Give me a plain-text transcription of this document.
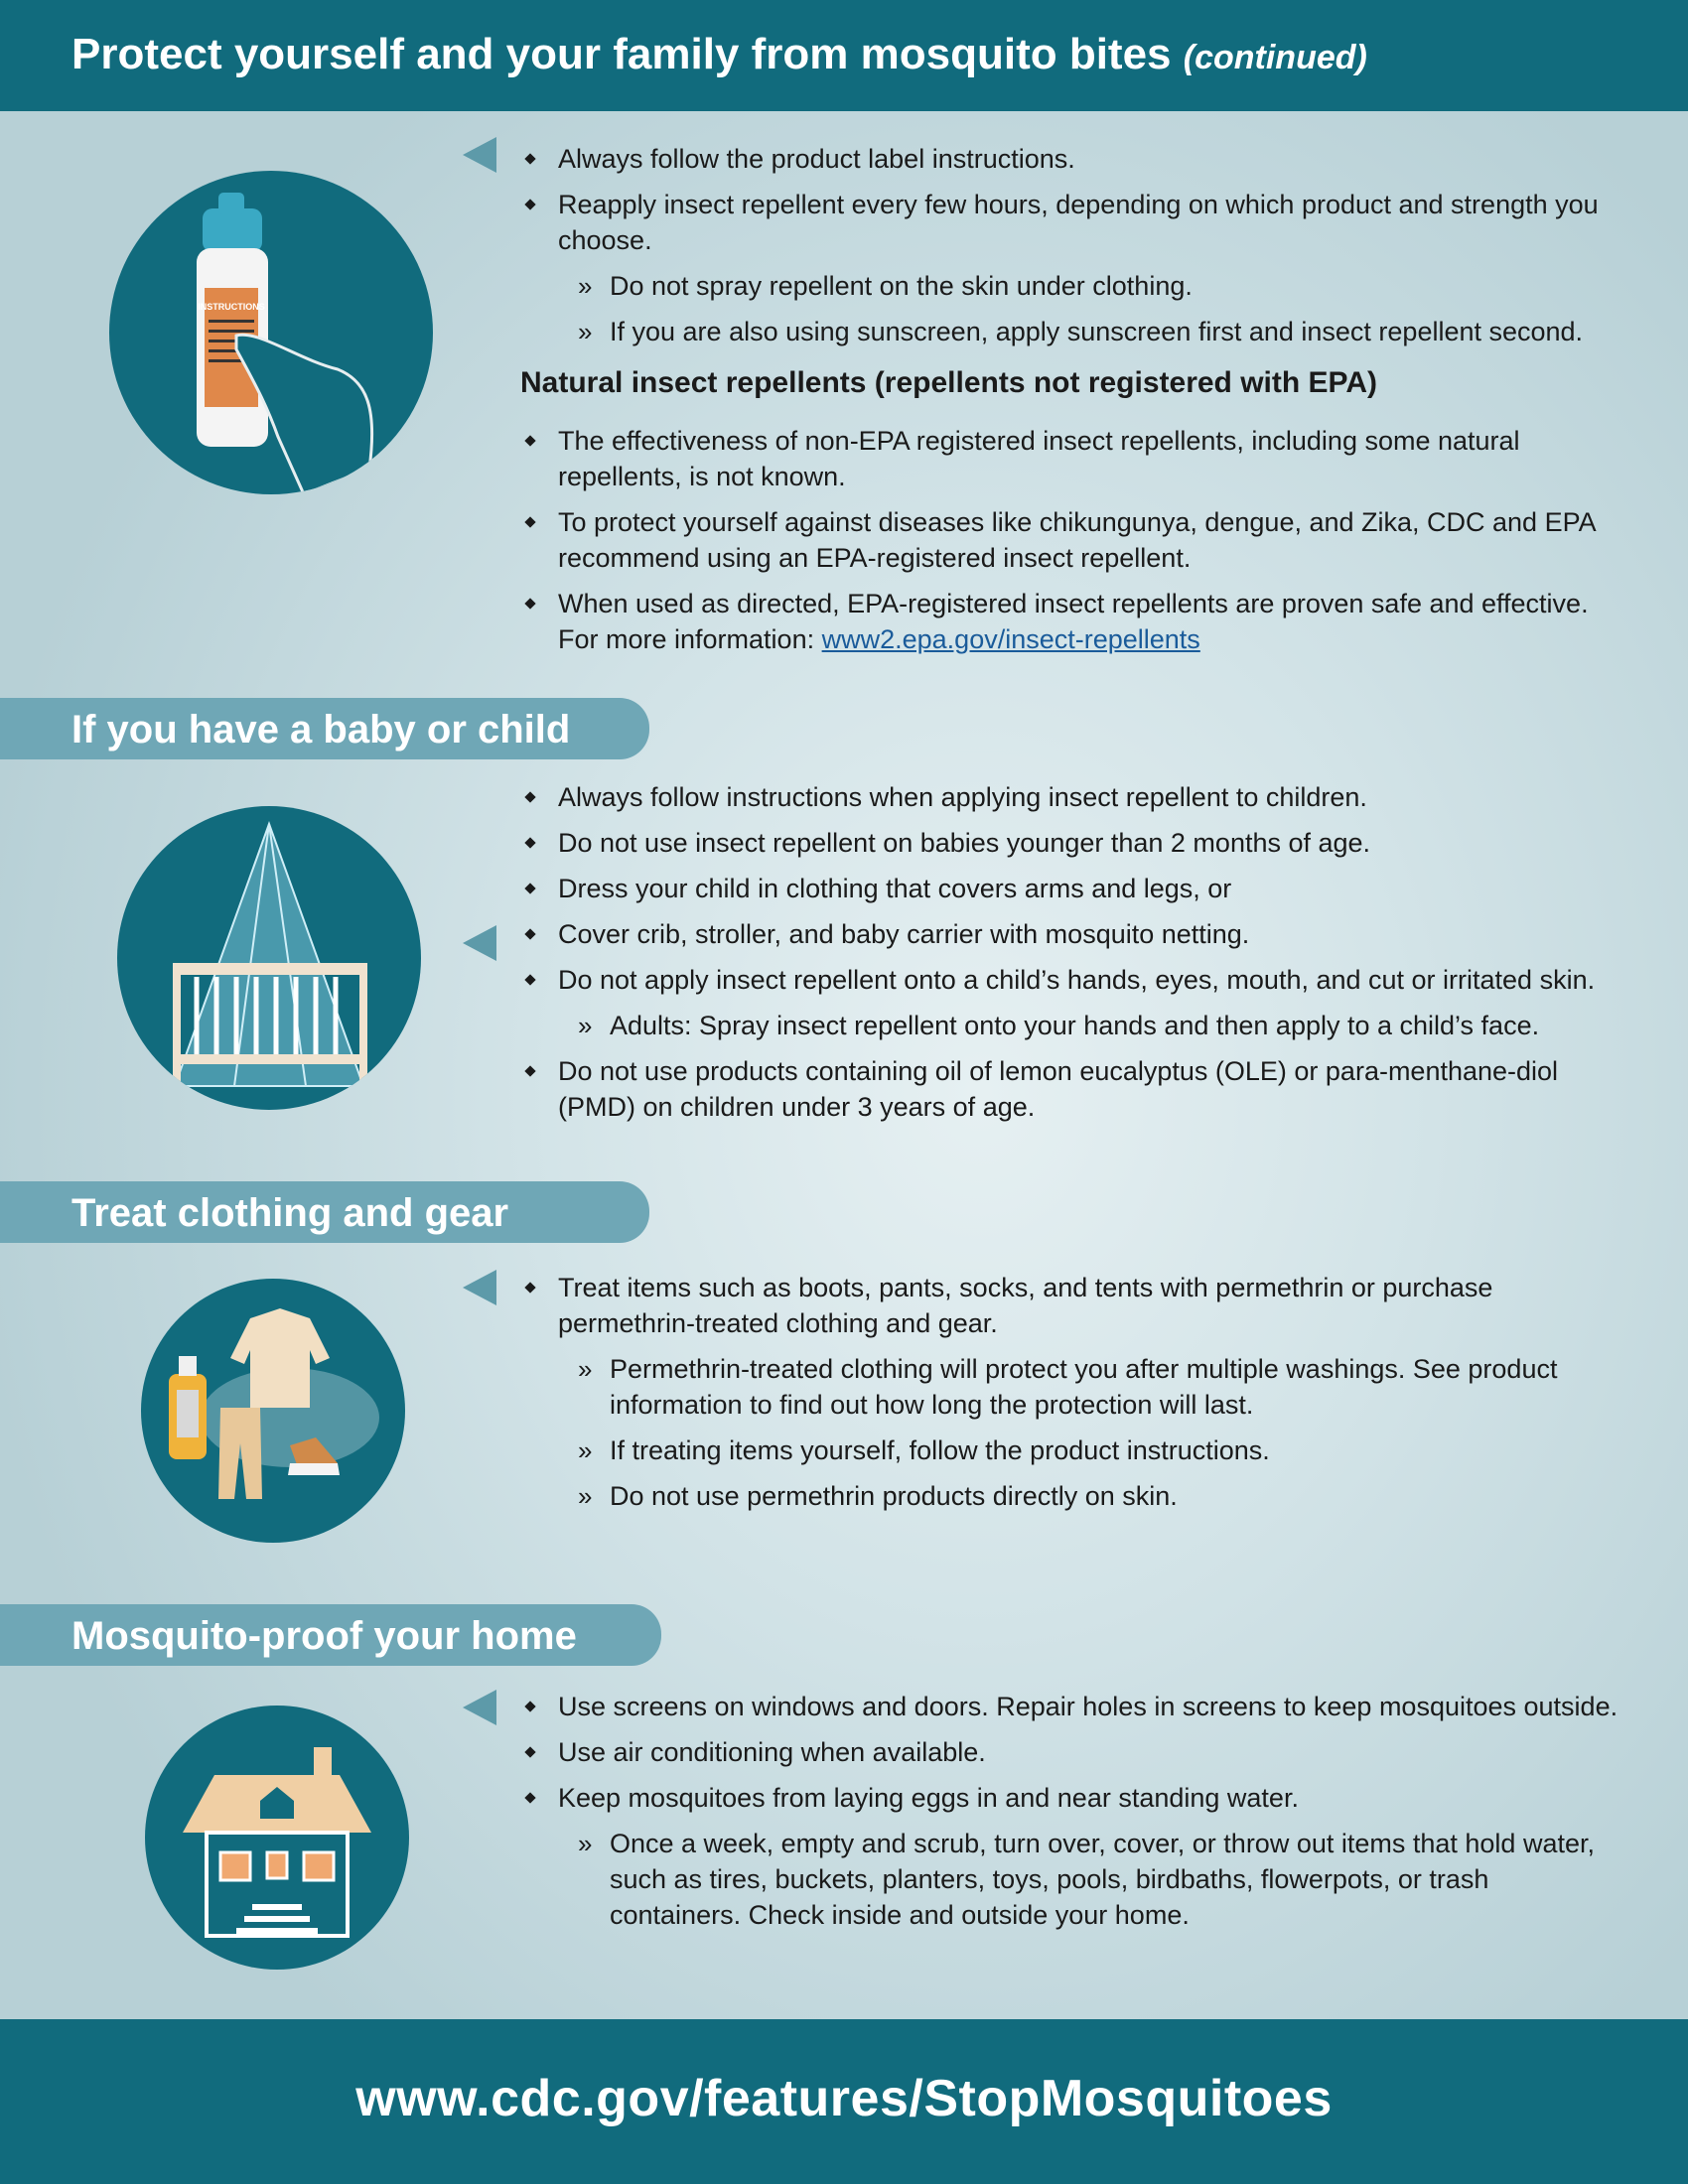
Protect yourself and your family from mosquito bites (continued)
INSTRUCTIONS
Always follow the product label instructions.
Reapply insect repellent every few hours, depending on which product and strength you choose.
» Do not spray repellent on the skin under clothing.
» If you are also using sunscreen, apply sunscreen first and insect repellent second.
Natural insect repellents (repellents not registered with EPA)
The effectiveness of non-EPA registered insect repellents, including some natural repellents, is not known.
To protect yourself against diseases like chikungunya, dengue, and Zika, CDC and EPA recommend using an EPA-registered insect repellent.
When used as directed, EPA-registered insect repellents are proven safe and effective. For more information: www2.epa.gov/insect-repellents
If you have a baby or child
Always follow instructions when applying insect repellent to children.
Do not use insect repellent on babies younger than 2 months of age.
Dress your child in clothing that covers arms and legs, or
Cover crib, stroller, and baby carrier with mosquito netting.
Do not apply insect repellent onto a child’s hands, eyes, mouth, and cut or irritated skin.
» Adults: Spray insect repellent onto your hands and then apply to a child’s face.
Do not use products containing oil of lemon eucalyptus (OLE) or para-menthane-diol (PMD) on children under 3 years of age.
Treat clothing and gear
Treat items such as boots, pants, socks, and tents with permethrin or purchase permethrin-treated clothing and gear.
» Permethrin-treated clothing will protect you after multiple washings. See product information to find out how long the protection will last.
» If treating items yourself, follow the product instructions.
» Do not use permethrin products directly on skin.
Mosquito-proof your home
Use screens on windows and doors. Repair holes in screens to keep mosquitoes outside.
Use air conditioning when available.
Keep mosquitoes from laying eggs in and near standing water.
» Once a week, empty and scrub, turn over, cover, or throw out items that hold water, such as tires, buckets, planters, toys, pools, birdbaths, flowerpots, or trash containers. Check inside and outside your home.
www.cdc.gov/features/StopMosquitoes
